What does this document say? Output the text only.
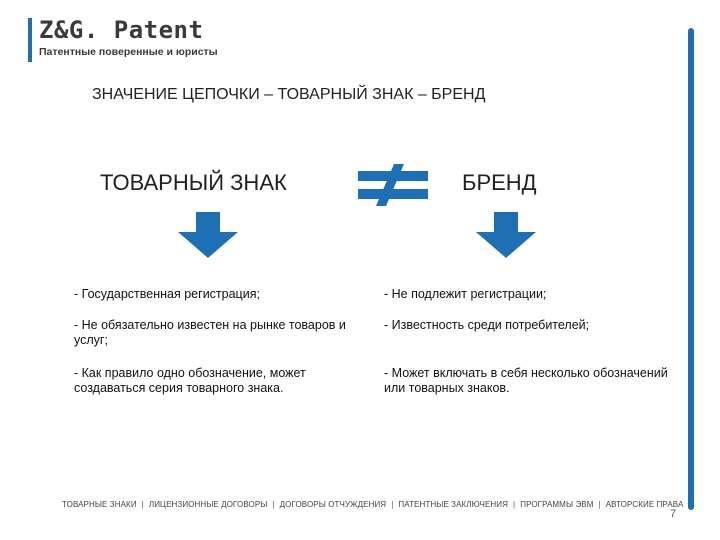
Z&G. Patent
Патентные поверенные и юристы
ЗНАЧЕНИЕ ЦЕПОЧКИ – ТОВАРНЫЙ ЗНАК – БРЕНД
ТОВАРНЫЙ ЗНАК	БРЕНД
- Государственная регистрация;
- Не обязательно известен на рынке товаров и услуг;
- Как правило одно обозначение, может создаваться серия товарного знака.
- Не подлежит регистрации;
- Известность среди потребителей;
- Может включать в себя несколько обозначений или товарных знаков.
ТОВАРНЫЕ ЗНАКИ | ЛИЦЕНЗИОННЫЕ ДОГОВОРЫ | ДОГОВОРЫ ОТЧУЖДЕНИЯ | ПАТЕНТНЫЕ ЗАКЛЮЧЕНИЯ | ПРОГРАММЫ ЭВМ | АВТОРСКИЕ ПРАВА
7
